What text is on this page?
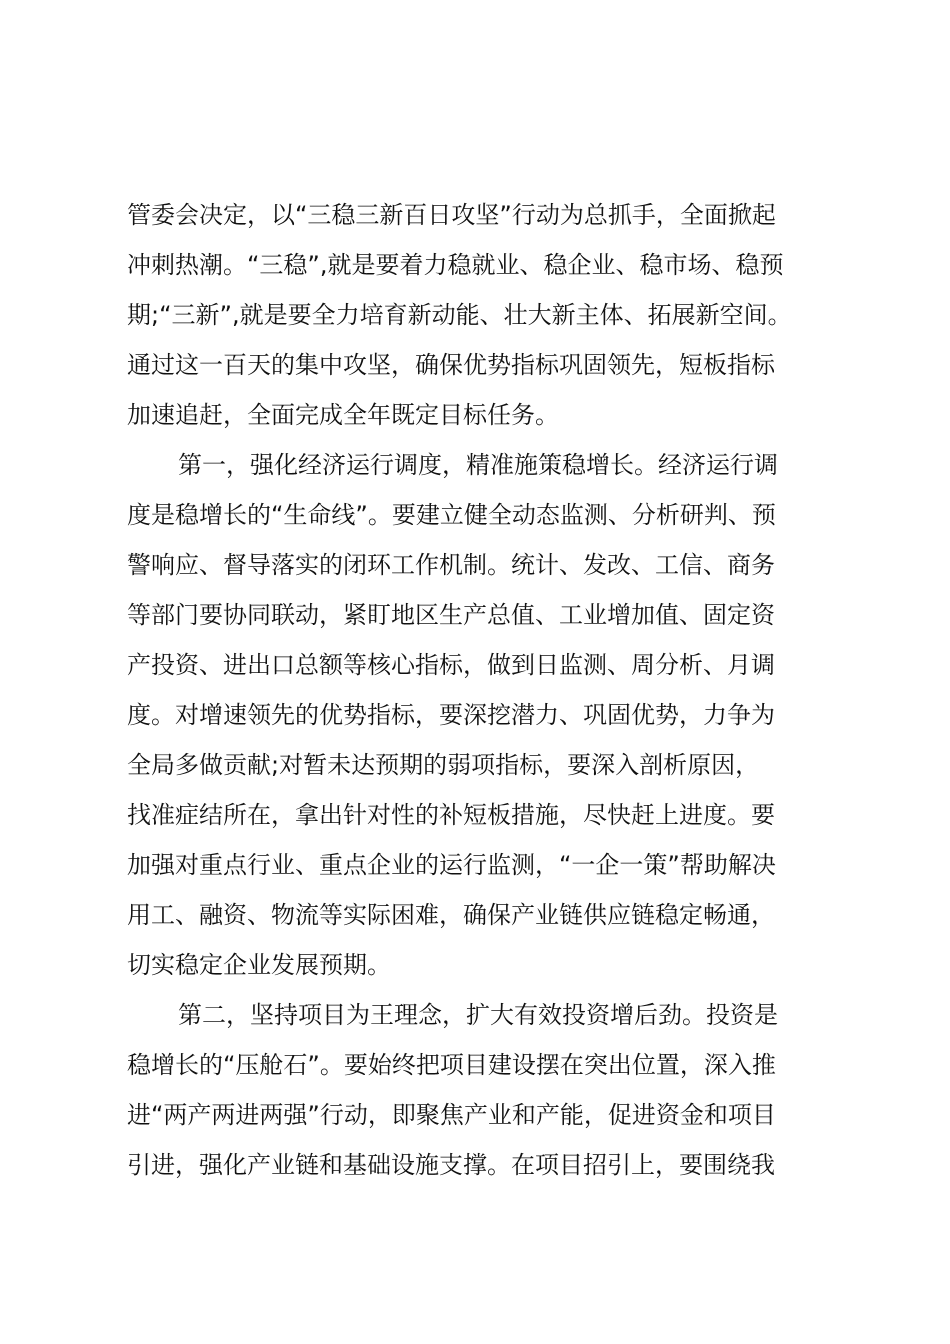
管委会决定，以“三稳三新百日攻坚”行动为总抓手，全面掀起

冲刺热潮。“三稳”,就是要着力稳就业、稳企业、稳市场、稳预

期;“三新”,就是要全力培育新动能、壮大新主体、拓展新空间。

通过这一百天的集中攻坚，确保优势指标巩固领先，短板指标

加速追赶，全面完成全年既定目标任务。

第一，强化经济运行调度，精准施策稳增长。经济运行调

度是稳增长的“生命线”。要建立健全动态监测、分析研判、预

警响应、督导落实的闭环工作机制。统计、发改、工信、商务

等部门要协同联动，紧盯地区生产总值、工业增加值、固定资

产投资、进出口总额等核心指标，做到日监测、周分析、月调

度。对增速领先的优势指标，要深挖潜力、巩固优势，力争为

全局多做贡献;对暂未达预期的弱项指标，要深入剖析原因，

找准症结所在，拿出针对性的补短板措施，尽快赶上进度。要

加强对重点行业、重点企业的运行监测，“一企一策”帮助解决

用工、融资、物流等实际困难，确保产业链供应链稳定畅通，

切实稳定企业发展预期。

第二，坚持项目为王理念，扩大有效投资增后劲。投资是

稳增长的“压舱石”。要始终把项目建设摆在突出位置，深入推

进“两产两进两强”行动，即聚焦产业和产能，促进资金和项目

引进，强化产业链和基础设施支撑。在项目招引上，要围绕我
